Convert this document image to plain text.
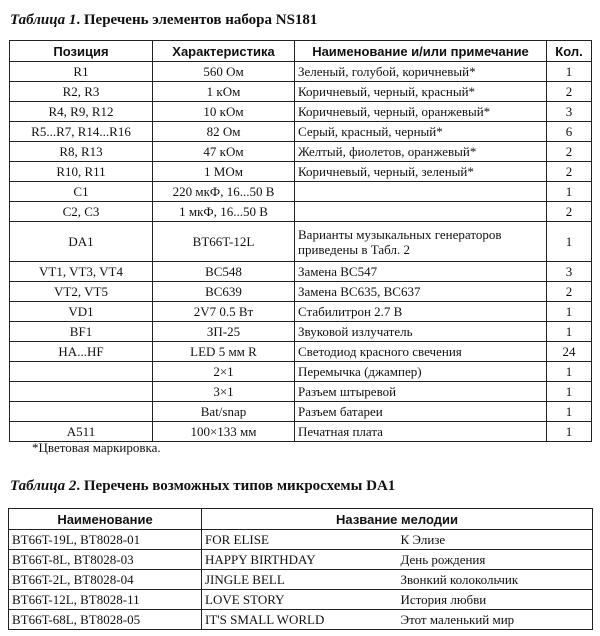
Таблица 1. Перечень элементов набора NS181
Позиция	Характеристика	Наименование и/или примечание	Кол.
R1	560 Ом	Зеленый, голубой, коричневый*	1
R2, R3	1 кОм	Коричневый, черный, красный*	2
R4, R9, R12	10 кОм	Коричневый, черный, оранжевый*	3
R5...R7, R14...R16	82 Ом	Серый, красный, черный*	6
R8, R13	47 кОм	Желтый, фиолетов, оранжевый*	2
R10, R11	1 МОм	Коричневый, черный, зеленый*	2
C1	220 мкФ, 16...50 В		1
C2, C3	1 мкФ, 16...50 В		2
DA1	BT66T-12L	Варианты музыкальных генераторов приведены в Табл. 2	1
VT1, VT3, VT4	BC548	Замена BC547	3
VT2, VT5	BC639	Замена BC635, BC637	2
VD1	2V7 0.5 Вт	Стабилитрон 2.7 В	1
BF1	ЗП-25	Звуковой излучатель	1
HA...HF	LED 5 мм R	Светодиод красного свечения	24
	2×1	Перемычка (джампер)	1
	3×1	Разъем штыревой	1
	Bat/snap	Разъем батареи	1
A511	100×133 мм	Печатная плата	1
*Цветовая маркировка.
Таблица 2. Перечень возможных типов микросхемы DA1
Наименование	Название мелодии	
BT66T-19L, BT8028-01	FOR ELISE	К Элизе
BT66T-8L, BT8028-03	HAPPY BIRTHDAY	День рождения
BT66T-2L, BT8028-04	JINGLE BELL	Звонкий колокольчик
BT66T-12L, BT8028-11	LOVE STORY	История любви
BT66T-68L, BT8028-05	IT'S SMALL WORLD	Этот маленький мир
